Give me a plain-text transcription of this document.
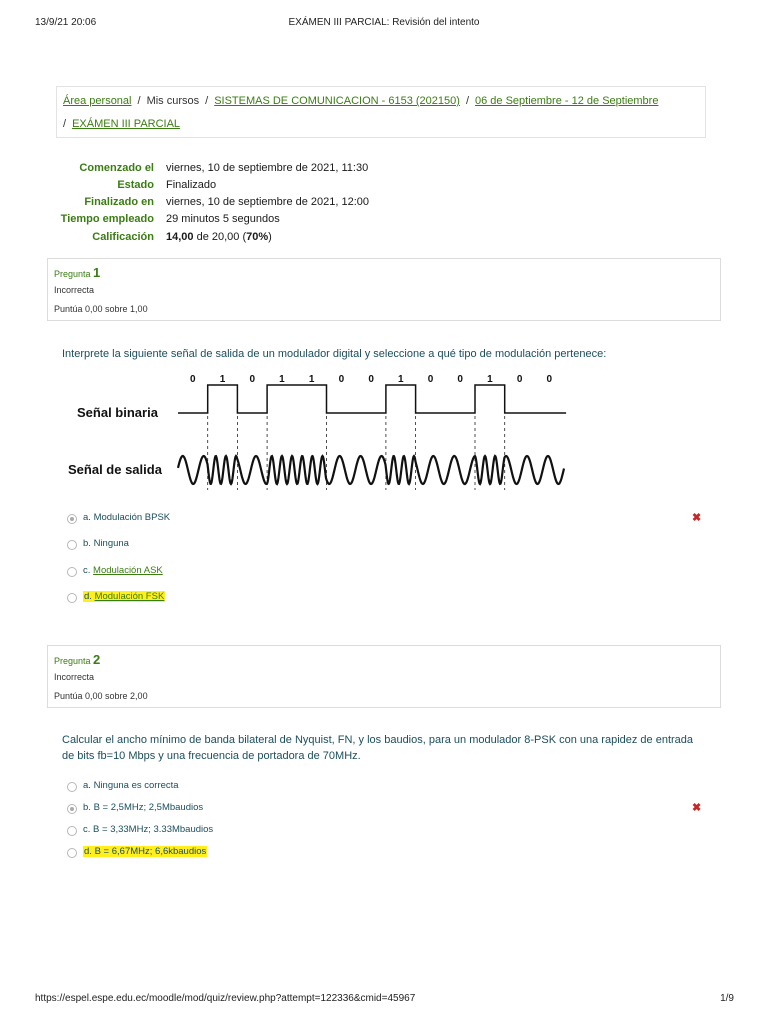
13/9/21 20:06	EXÁMEN III PARCIAL: Revisión del intento
Área personal / Mis cursos / SISTEMAS DE COMUNICACION - 6153 (202150) / 06 de Septiembre - 12 de Septiembre
/ EXÁMEN III PARCIAL
Comenzado el viernes, 10 de septiembre de 2021, 11:30
Estado Finalizado
Finalizado en viernes, 10 de septiembre de 2021, 12:00
Tiempo empleado 29 minutos 5 segundos
Calificación 14,00 de 20,00 (70%)
Pregunta 1
Incorrecta
Puntúa 0,00 sobre 1,00
Interprete la siguiente señal de salida de un modulador digital y seleccione a qué tipo de modulación pertenece:
0 1 0 1 1 0 0 1 0 0 1 0 0
Señal binaria
Señal de salida
a. Modulación BPSK	✖
b. Ninguna
c. Modulación ASK
d. Modulación FSK
Pregunta 2
Incorrecta
Puntúa 0,00 sobre 2,00
Calcular el ancho mínimo de banda bilateral de Nyquist, FN, y los baudios, para un modulador 8-PSK con una rapidez de entrada
de bits fb=10 Mbps y una frecuencia de portadora de 70MHz.
a. Ninguna es correcta
b. B = 2,5MHz; 2,5Mbaudios	✖
c. B = 3,33MHz; 3.33Mbaudios
d. B = 6,67MHz; 6,6kbaudios
https://espel.espe.edu.ec/moodle/mod/quiz/review.php?attempt=122336&cmid=45967	1/9
